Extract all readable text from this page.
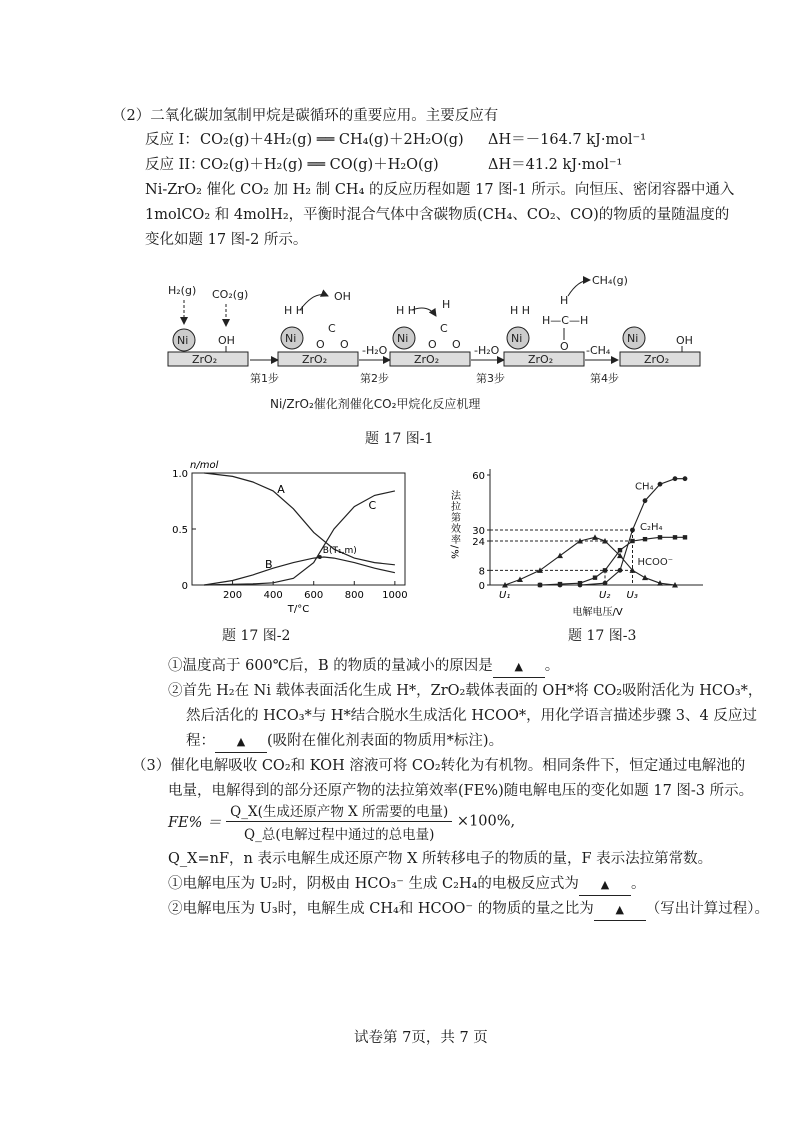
（2）二氧化碳加氢制甲烷是碳循环的重要应用。主要反应有
反应 I： CO₂(g)＋4H₂(g) ══ CH₄(g)＋2H₂O(g) ΔH＝－164.7 kJ·mol⁻¹
反应 II：
CO₂(g)＋H₂(g) ══ CO(g)＋H₂O(g)	ΔH＝41.2 kJ·mol⁻¹
Ni-ZrO₂ 催化 CO₂ 加 H₂ 制 CH₄ 的反应历程如题 17 图-1 所示。向恒压、密闭容器中通入
1molCO₂ 和 4molH₂，平衡时混合气体中含碳物质(CH₄、CO₂、CO)的物质的量随温度的
变化如题 17 图-2 所示。
H₂(g) CO₂(g)
ZrO₂
Ni	OH
第1步
ZrO₂
Ni
H H
OH
C
O O -H₂O
第2步
ZrO₂
Ni
H H H
C
O O -H₂O
第3步
ZrO₂
Ni
H H
H
H—C—H
O
CH₄(g)
-CH₄
第4步
ZrO₂
Ni	OH
Ni/ZrO₂催化剂催化CO₂甲烷化反应机理
题 17 图-1
200 400 600 800 1000
0
0.5
1.0
n/mol
T/°C
A
B
C
B(T₁,m)
题 17 图-2
0
8
24
30
60
U₁	U₂ U₃
电解电压/V
法拉第效率/%
CH₄
C₂H₄
HCOO⁻
题 17 图-3
①温度高于 600℃后，B 的物质的量减小的原因是 ▲ 。
②首先 H₂在 Ni 载体表面活化生成 H*，ZrO₂载体表面的 OH*将 CO₂吸附活化为 HCO₃*，
然后活化的 HCO₃*与 H*结合脱水生成活化 HCOO*，用化学语言描述步骤 3、4 反应过
程： ▲ (吸附在催化剂表面的物质用*标注)。
（3）催化电解吸收 CO₂和 KOH 溶液可将 CO₂转化为有机物。相同条件下，恒定通过电解池的
电量，电解得到的部分还原产物的法拉第效率(FE%)随电解电压的变化如题 17 图-3 所示。
$FE\% = \frac{\text{Q\_X(生成还原产物 X 所需要的电量)}}{\text{Q\_总(电解过程中通过的总电量)}} \times 100\%$,
Q_X=nF，n 表示电解生成还原产物 X 所转移电子的物质的量，F 表示法拉第常数。
①电解电压为 U₂时，阴极由 HCO₃⁻ 生成 C₂H₄的电极反应式为 ▲ 。
②电解电压为 U₃时，电解生成 CH₄和 HCOO⁻ 的物质的量之比为 ▲ （写出计算过程）。
试卷第 7页，共 7 页
